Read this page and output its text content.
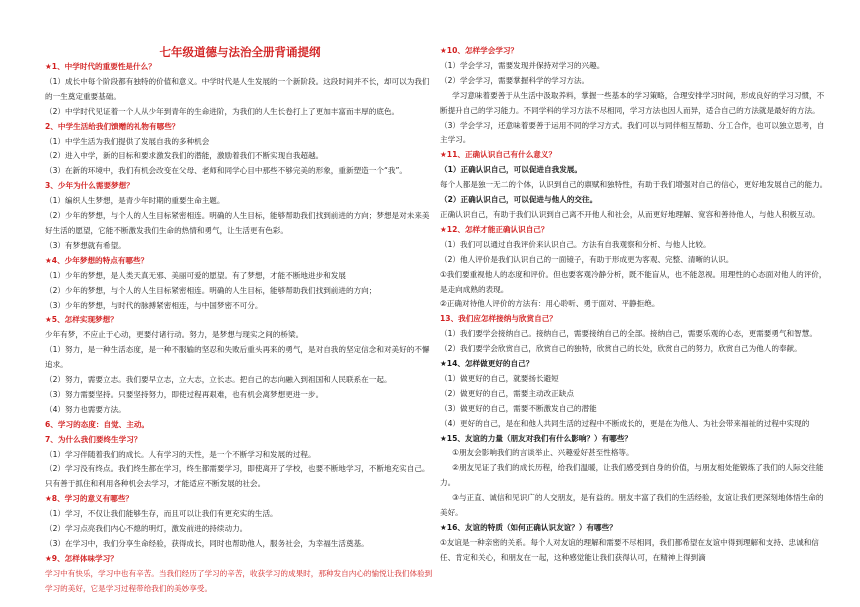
七年级道德与法治全册背诵提纲

★1、中学时代的重要性是什么？

（1）成长中每个阶段都有独特的价值和意义。中学时代是人生发展的一个新阶段。这段时间并不长，却可以为我们的一生奠定重要基础。

（2）中学时代见证着一个人从少年到青年的生命进阶，为我们的人生长卷打上了更加丰富而丰厚的底色。

2、中学生活给我们馈赠的礼物有哪些？

（1）中学生活为我们提供了发展自我的多种机会

（2）进入中学，新的目标和要求激发我们的潜能，激励着我们不断实现自我超越。

（3）在新的环境中，我们有机会改变在父母、老师和同学心目中那些不够完美的形象，重新塑造一个“我”。

3、少年为什么需要梦想？

（1）编织人生梦想，是青少年时期的重要生命主题。

（2）少年的梦想，与个人的人生目标紧密相连。明确的人生目标，能够帮助我们找到前进的方向；梦想是对未来美好生活的愿望，它能不断激发我们生命的热情和勇气，让生活更有色彩。

（3）有梦想就有希望。

★4、少年梦想的特点有哪些？

（1）少年的梦想，是人类天真无邪、美丽可爱的愿望。有了梦想，才能不断地进步和发展

（2）少年的梦想，与个人的人生目标紧密相连。明确的人生目标，能够帮助我们找到前进的方向；

（3）少年的梦想，与时代的脉搏紧密相连，与中国梦密不可分。

★5、怎样实现梦想？

少年有梦，不应止于心动，更要付诸行动。努力，是梦想与现实之间的桥梁。

（1）努力，是一种生活态度，是一种不服输的坚忍和失败后重头再来的勇气，是对自我的坚定信念和对美好的不懈追求。

（2）努力，需要立志。我们要早立志，立大志，立长志。把自己的志向融入到祖国和人民联系在一起。

（3）努力需要坚持。只要坚持努力，即使过程再艰难，也有机会离梦想更进一步。

（4）努力也需要方法。

6、学习的态度：自觉、主动。

7、为什么我们要终生学习？

（1）学习伴随着我们的成长。人有学习的天性，是一个不断学习和发展的过程。

（2）学习没有终点。我们终生都在学习，终生都需要学习，即使离开了学校，也要不断地学习，不断地充实自己。只有善于抓住和利用各种机会去学习，才能适应不断发展的社会。

★8、学习的意义有哪些？

（1）学习，不仅让我们能够生存，而且可以让我们有更充实的生活。

（2）学习点亮我们内心不熄的明灯，激发前进的持续动力。

（3）在学习中，我们分享生命经验，获得成长，同时也帮助他人，服务社会，为幸福生活奠基。

★9、怎样体味学习？

学习中有快乐，学习中也有辛苦。当我们经历了学习的辛苦，收获学习的成果时，那种发自内心的愉悦让我们体验到学习的美好，它是学习过程带给我们的美妙享受。

★10、怎样学会学习？

（1）学会学习，需要发现并保持对学习的兴趣。

（2）学会学习，需要掌握科学的学习方法。

学习意味着要善于从生活中汲取养料，掌握一些基本的学习策略，合理安排学习时间，形成良好的学习习惯，不断提升自己的学习能力。不同学科的学习方法不尽相同，学习方法也因人而异，适合自己的方法就是最好的方法。

（3）学会学习，还意味着要善于运用不同的学习方式。我们可以与同伴相互帮助、分工合作，也可以独立思考，自主学习。

★11、正确认识自己有什么意义？

（1）正确认识自己，可以促进自我发展。

每个人都是独一无二的个体，认识到自己的禀赋和独特性，有助于我们增强对自己的信心，更好地发展自己的能力。

（2）正确认识自己，可以促进与他人的交往。

正确认识自己，有助于我们认识到自己离不开他人和社会，从而更好地理解、宽容和善待他人，与他人积极互动。

★12、怎样才能正确认识自己？

（1）我们可以通过自我评价来认识自己。方法有自我观察和分析、与他人比较。

（2）他人评价是我们认识自己的一面镜子，有助于形成更为客观、完整、清晰的认识。

①我们要重视他人的态度和评价。但也要客观冷静分析，既不能盲从，也不能忽视。用理性的心态面对他人的评价，是走向成熟的表现。

②正确对待他人评价的方法有：用心聆听、勇于面对、平静拒绝。

13、我们应怎样接纳与欣赏自己？

（1）我们要学会接纳自己。接纳自己，需要接纳自己的全部。接纳自己，需要乐观的心态，更需要勇气和智慧。

（2）我们要学会欣赏自己，欣赏自己的独特，欣赏自己的长处，欣赏自己的努力，欣赏自己为他人的奉献。

★14、怎样做更好的自己？

（1）做更好的自己，就要扬长避短

（2）做更好的自己，需要主动改正缺点

（3）做更好的自己，需要不断激发自己的潜能

（4）更好的自己，是在和他人共同生活的过程中不断成长的，更是在为他人、为社会带来福祉的过程中实现的

★15、友谊的力量（朋友对我们有什么影响？）有哪些？

①朋友会影响我们的言谈举止、兴趣爱好甚至性格等。

②朋友见证了我们的成长历程，给我们温暖，让我们感受到自身的价值，与朋友相处能锻炼了我们的人际交往能力。

③与正直、诚信和见识广的人交朋友，是有益的。朋友丰富了我们的生活经验，友谊让我们更深刻地体悟生命的美好。

★16、友谊的特质（如何正确认识友谊？）有哪些？

①友谊是一种亲密的关系。每个人对友谊的理解和需要不尽相同，我们都希望在友谊中得到理解和支持、忠诚和信任、肯定和关心，和朋友在一起，这种感觉能让我们获得认可，在精神上得到滴
